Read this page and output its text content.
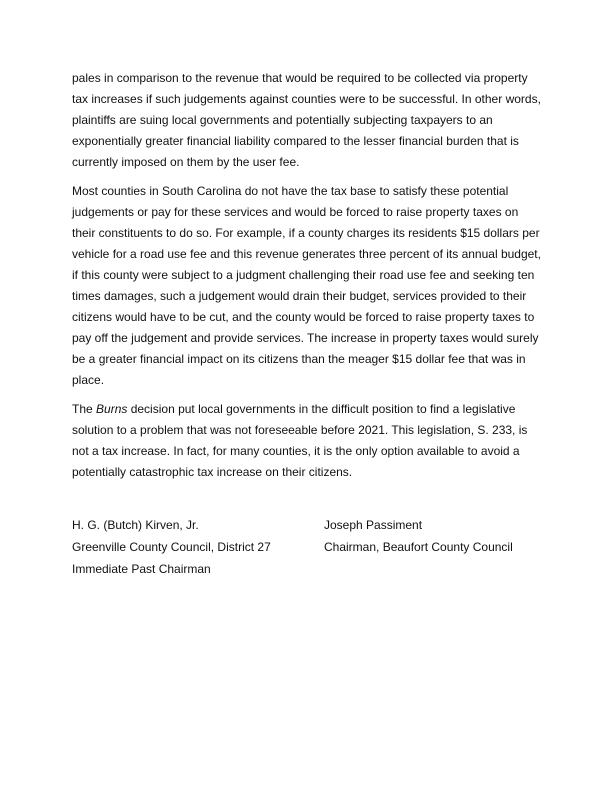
pales in comparison to the revenue that would be required to be collected via property tax increases if such judgements against counties were to be successful. In other words, plaintiffs are suing local governments and potentially subjecting taxpayers to an exponentially greater financial liability compared to the lesser financial burden that is currently imposed on them by the user fee.

Most counties in South Carolina do not have the tax base to satisfy these potential judgements or pay for these services and would be forced to raise property taxes on their constituents to do so. For example, if a county charges its residents $15 dollars per vehicle for a road use fee and this revenue generates three percent of its annual budget, if this county were subject to a judgment challenging their road use fee and seeking ten times damages, such a judgement would drain their budget, services provided to their citizens would have to be cut, and the county would be forced to raise property taxes to pay off the judgement and provide services. The increase in property taxes would surely be a greater financial impact on its citizens than the meager $15 dollar fee that was in place.

The Burns decision put local governments in the difficult position to find a legislative solution to a problem that was not foreseeable before 2021. This legislation, S. 233, is not a tax increase. In fact, for many counties, it is the only option available to avoid a potentially catastrophic tax increase on their citizens.

H. G. (Butch) Kirven, Jr.
Greenville County Council, District 27
Immediate Past Chairman
Joseph Passiment
Chairman, Beaufort County Council
